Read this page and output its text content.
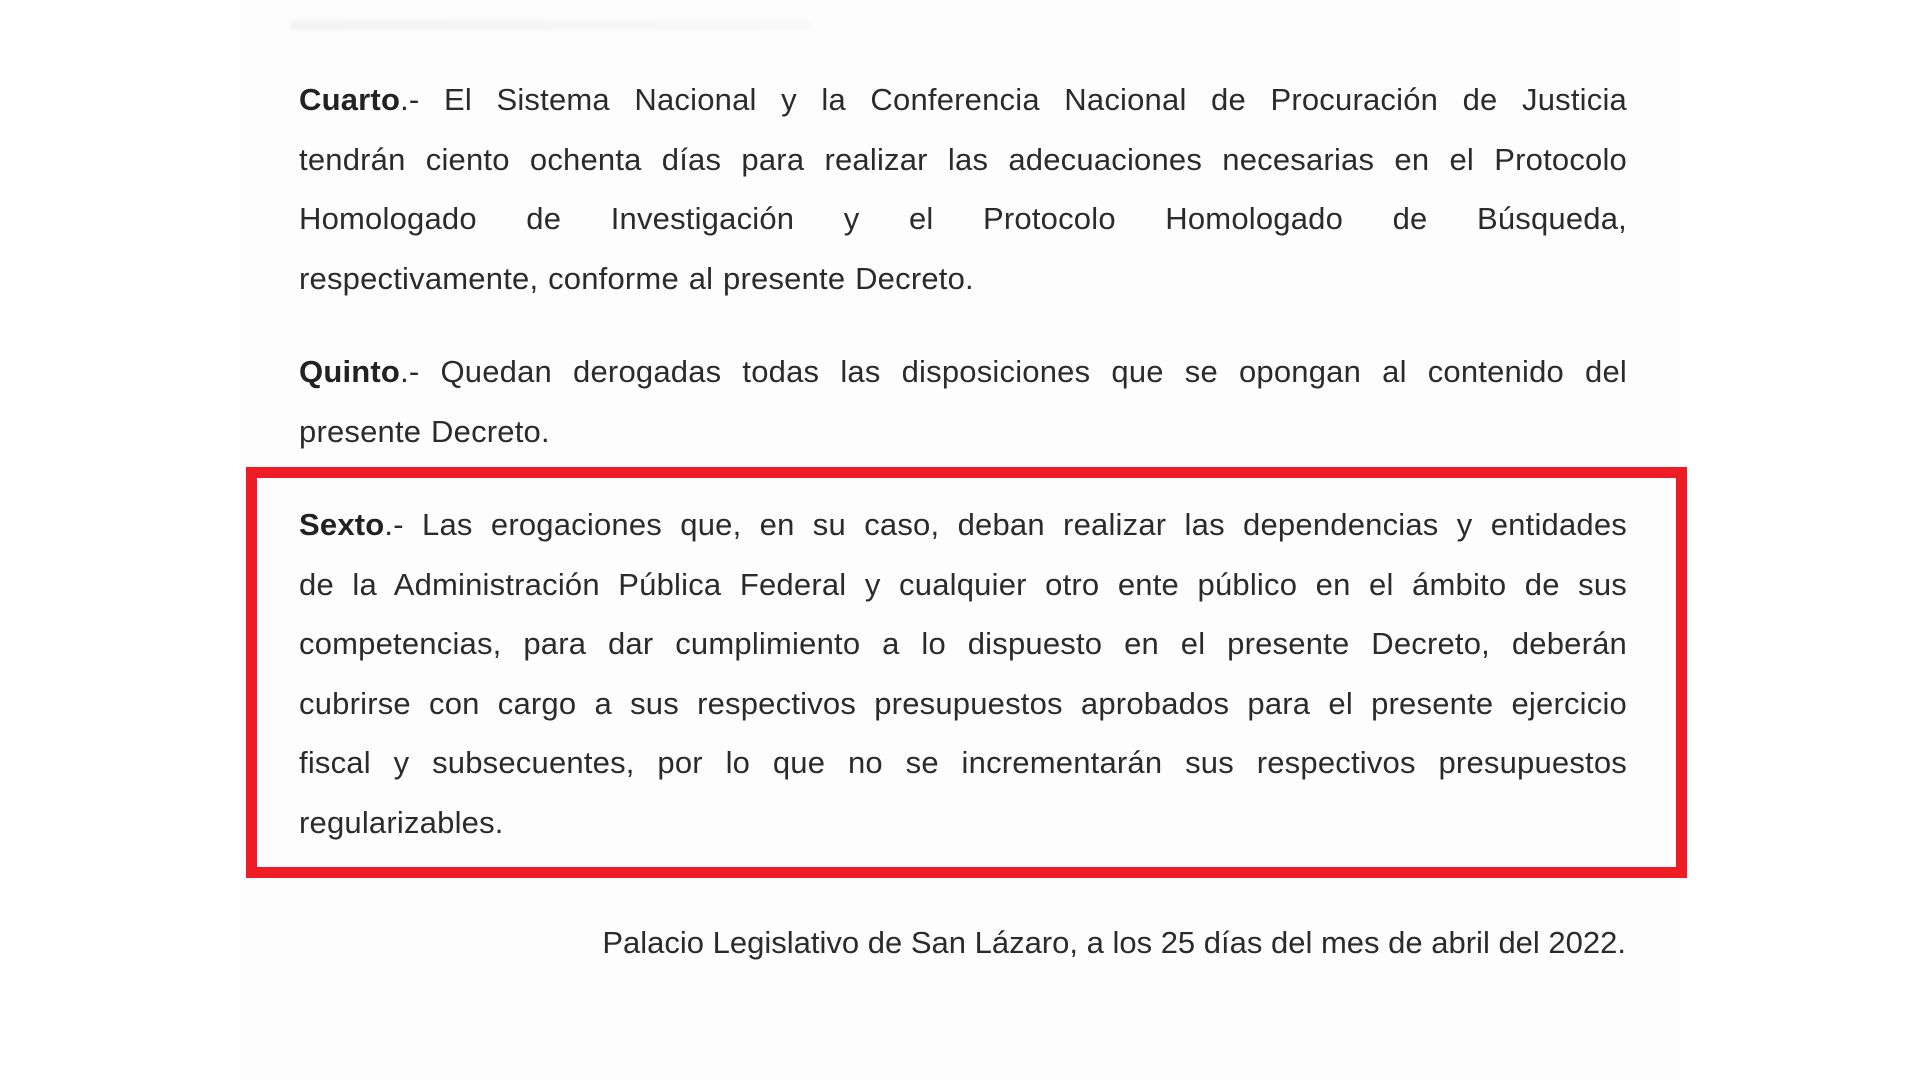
Cuarto.- El Sistema Nacional y la Conferencia Nacional de Procuración de Justicia
tendrán ciento ochenta días para realizar las adecuaciones necesarias en el Protocolo
Homologado de Investigación y el Protocolo Homologado de Búsqueda,
respectivamente, conforme al presente Decreto.
Quinto.- Quedan derogadas todas las disposiciones que se opongan al contenido del
presente Decreto.
Sexto.- Las erogaciones que, en su caso, deban realizar las dependencias y entidades
de la Administración Pública Federal y cualquier otro ente público en el ámbito de sus
competencias, para dar cumplimiento a lo dispuesto en el presente Decreto, deberán
cubrirse con cargo a sus respectivos presupuestos aprobados para el presente ejercicio
fiscal y subsecuentes, por lo que no se incrementarán sus respectivos presupuestos
regularizables.
Palacio Legislativo de San Lázaro, a los 25 días del mes de abril del 2022.
